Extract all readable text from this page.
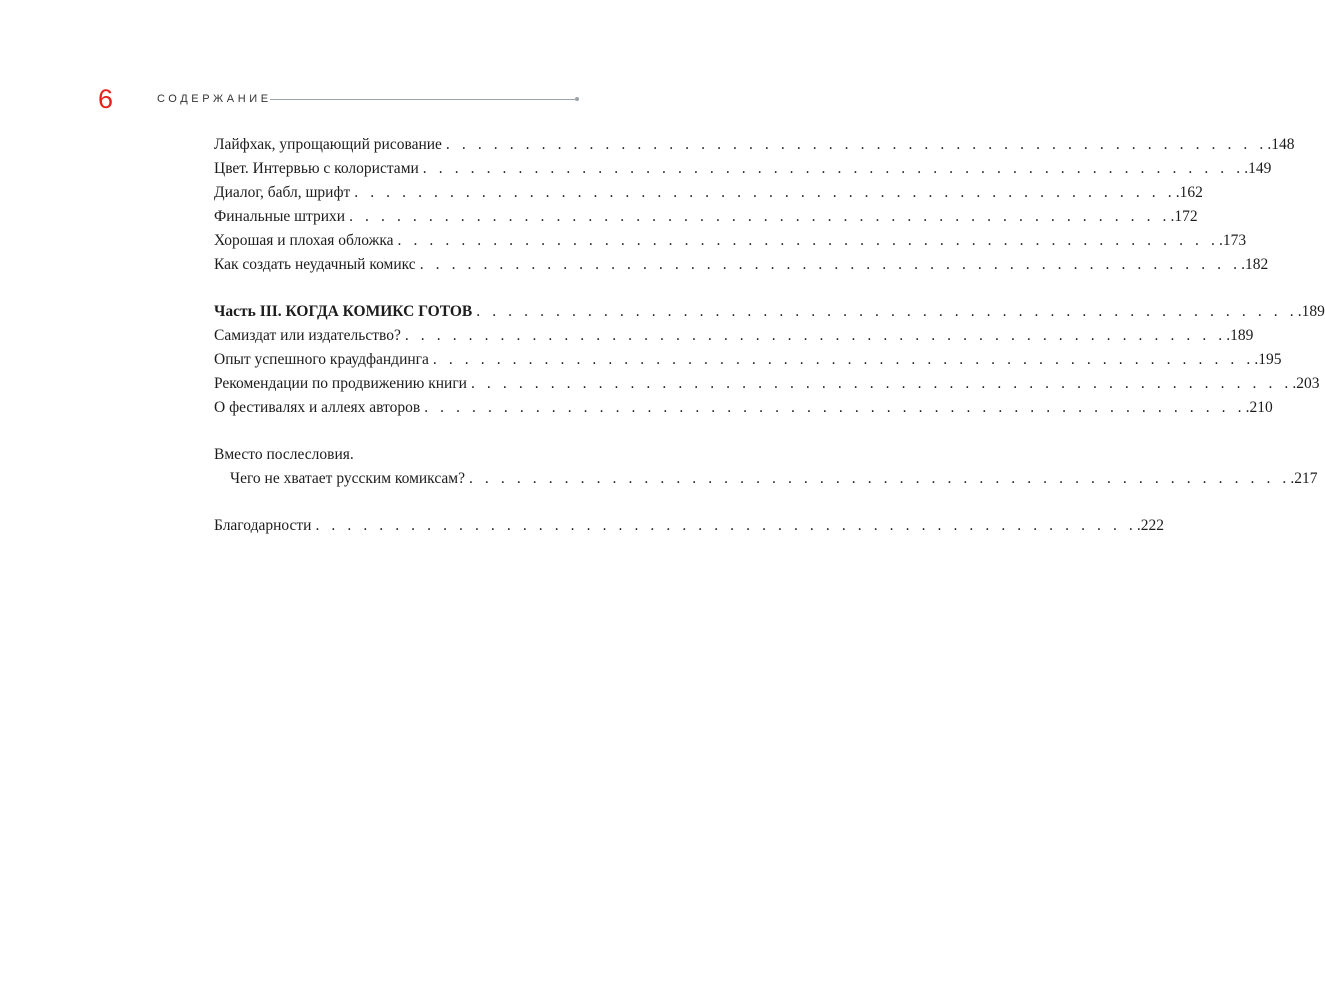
6	СОДЕРЖАНИЕ
Лайфхак, упрощающий рисование . . . . . . . . . . . . . . . . . . . . . . . . . . . . . . . . . . . . . . . . . . . . . . . . . . . . .148
Цвет. Интервью с колористами . . . . . . . . . . . . . . . . . . . . . . . . . . . . . . . . . . . . . . . . . . . . . . . . . . . . .149
Диалог, бабл, шрифт . . . . . . . . . . . . . . . . . . . . . . . . . . . . . . . . . . . . . . . . . . . . . . . . . . . . .162
Финальные штрихи . . . . . . . . . . . . . . . . . . . . . . . . . . . . . . . . . . . . . . . . . . . . . . . . . . . . .172
Хорошая и плохая обложка . . . . . . . . . . . . . . . . . . . . . . . . . . . . . . . . . . . . . . . . . . . . . . . . . . . . .173
Как создать неудачный комикс . . . . . . . . . . . . . . . . . . . . . . . . . . . . . . . . . . . . . . . . . . . . . . . . . . . . .182
Часть III. КОГДА КОМИКС ГОТОВ . . . . . . . . . . . . . . . . . . . . . . . . . . . . . . . . . . . . . . . . . . . . . . . . . . . . .189
Самиздат или издательство? . . . . . . . . . . . . . . . . . . . . . . . . . . . . . . . . . . . . . . . . . . . . . . . . . . . . .189
Опыт успешного краудфандинга . . . . . . . . . . . . . . . . . . . . . . . . . . . . . . . . . . . . . . . . . . . . . . . . . . . . .195
Рекомендации по продвижению книги . . . . . . . . . . . . . . . . . . . . . . . . . . . . . . . . . . . . . . . . . . . . . . . . . . . . .203
О фестивалях и аллеях авторов . . . . . . . . . . . . . . . . . . . . . . . . . . . . . . . . . . . . . . . . . . . . . . . . . . . . .210
Вместо послесловия.
Чего не хватает русским комиксам? . . . . . . . . . . . . . . . . . . . . . . . . . . . . . . . . . . . . . . . . . . . . . . . . . . . . .217
Благодарности . . . . . . . . . . . . . . . . . . . . . . . . . . . . . . . . . . . . . . . . . . . . . . . . . . . . .222
